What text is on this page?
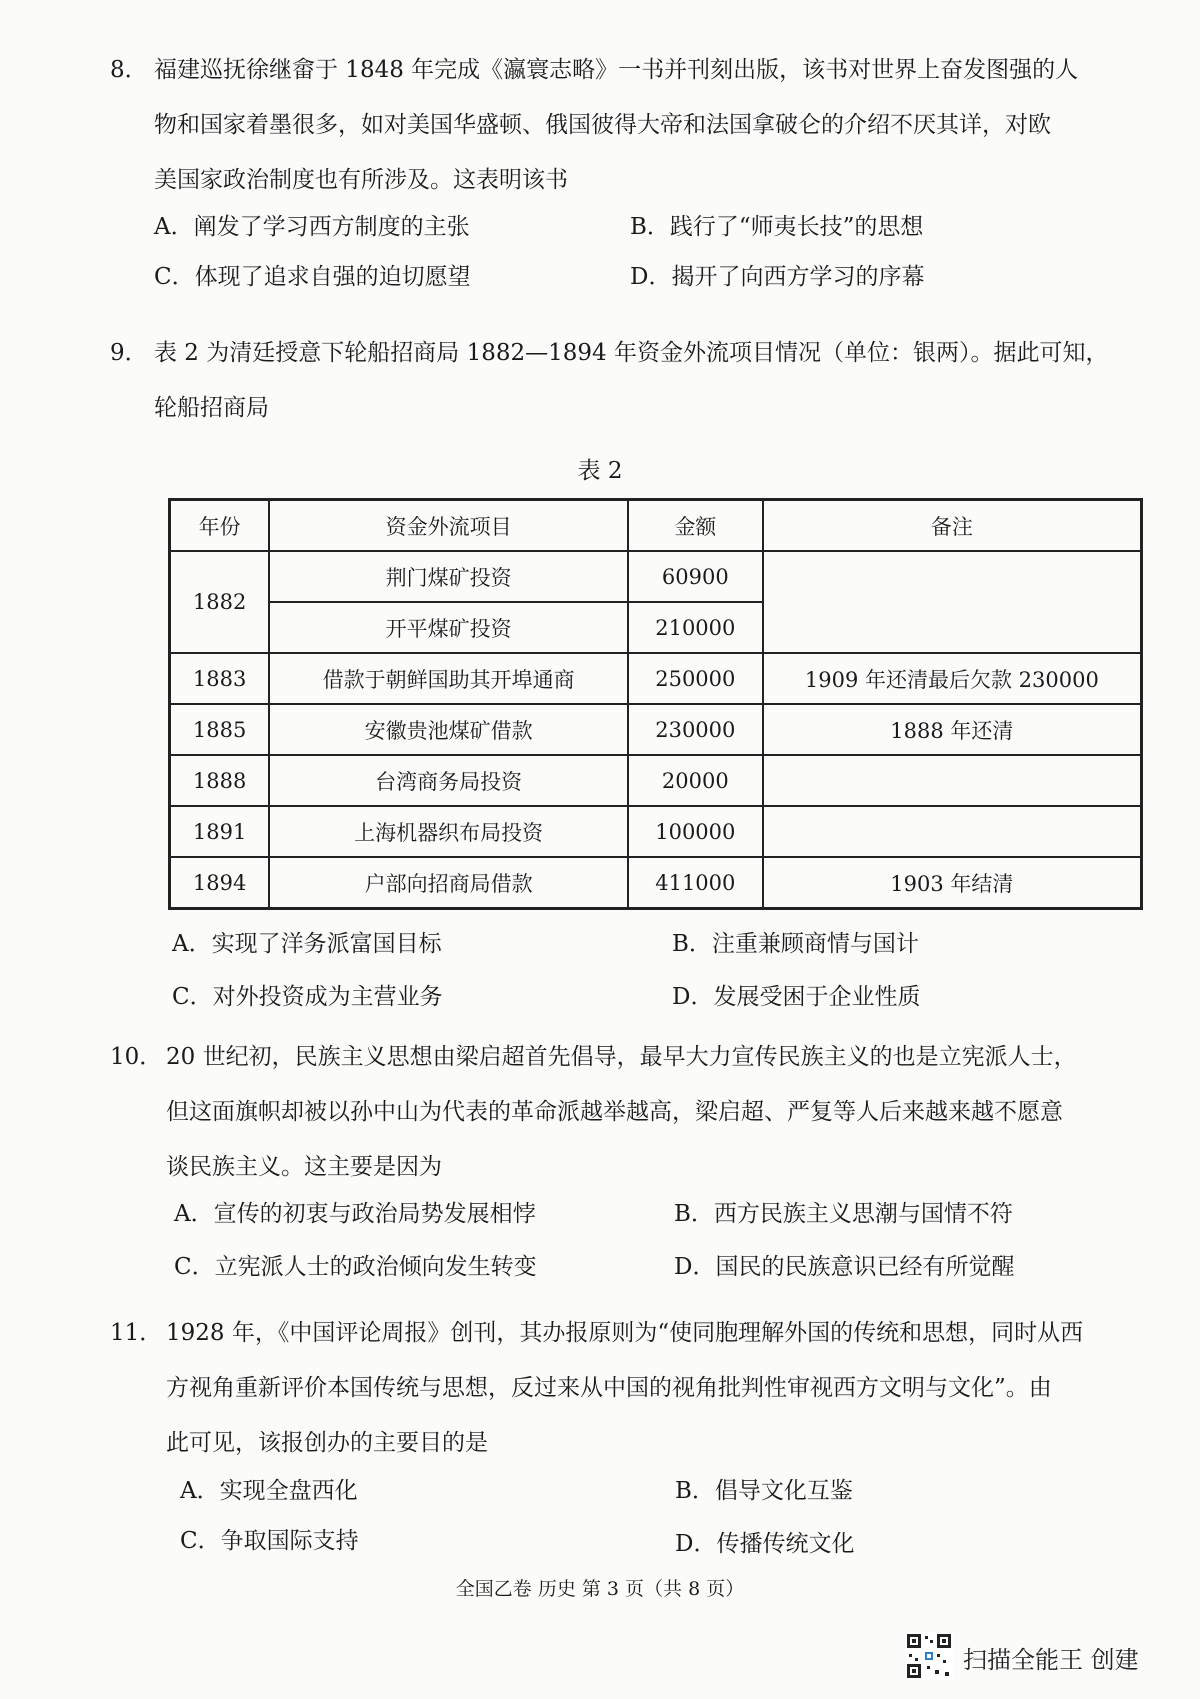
8． 福建巡抚徐继畲于 1848 年完成《瀛寰志略》一书并刊刻出版，该书对世界上奋发图强的人
物和国家着墨很多，如对美国华盛顿、俄国彼得大帝和法国拿破仑的介绍不厌其详，对欧
美国家政治制度也有所涉及。这表明该书
A．阐发了学习西方制度的主张	B．践行了“师夷长技”的思想
C．体现了追求自强的迫切愿望	D．揭开了向西方学习的序幕
9． 表 2 为清廷授意下轮船招商局 1882—1894 年资金外流项目情况（单位：银两）。据此可知，
轮船招商局
表 2
年份	资金外流项目	金额	备注
1882	荆门煤矿投资	60900	
	开平煤矿投资	210000	
1883	借款于朝鲜国助其开埠通商	250000	1909 年还清最后欠款 230000
1885	安徽贵池煤矿借款	230000	1888 年还清
1888	台湾商务局投资	20000	
1891	上海机器织布局投资	100000	
1894	户部向招商局借款	411000	1903 年结清
A．实现了洋务派富国目标	B．注重兼顾商情与国计
C．对外投资成为主营业务	D．发展受困于企业性质
10． 20 世纪初，民族主义思想由梁启超首先倡导，最早大力宣传民族主义的也是立宪派人士，
但这面旗帜却被以孙中山为代表的革命派越举越高，梁启超、严复等人后来越来越不愿意
谈民族主义。这主要是因为
A．宣传的初衷与政治局势发展相悖	B．西方民族主义思潮与国情不符
C．立宪派人士的政治倾向发生转变	D．国民的民族意识已经有所觉醒
11． 1928 年，《中国评论周报》创刊，其办报原则为“使同胞理解外国的传统和思想，同时从西
方视角重新评价本国传统与思想，反过来从中国的视角批判性审视西方文明与文化”。由
此可见，该报创办的主要目的是
A．实现全盘西化	B．倡导文化互鉴
C．争取国际支持	D．传播传统文化
全国乙卷 历史 第 3 页（共 8 页）
扫描全能王 创建
